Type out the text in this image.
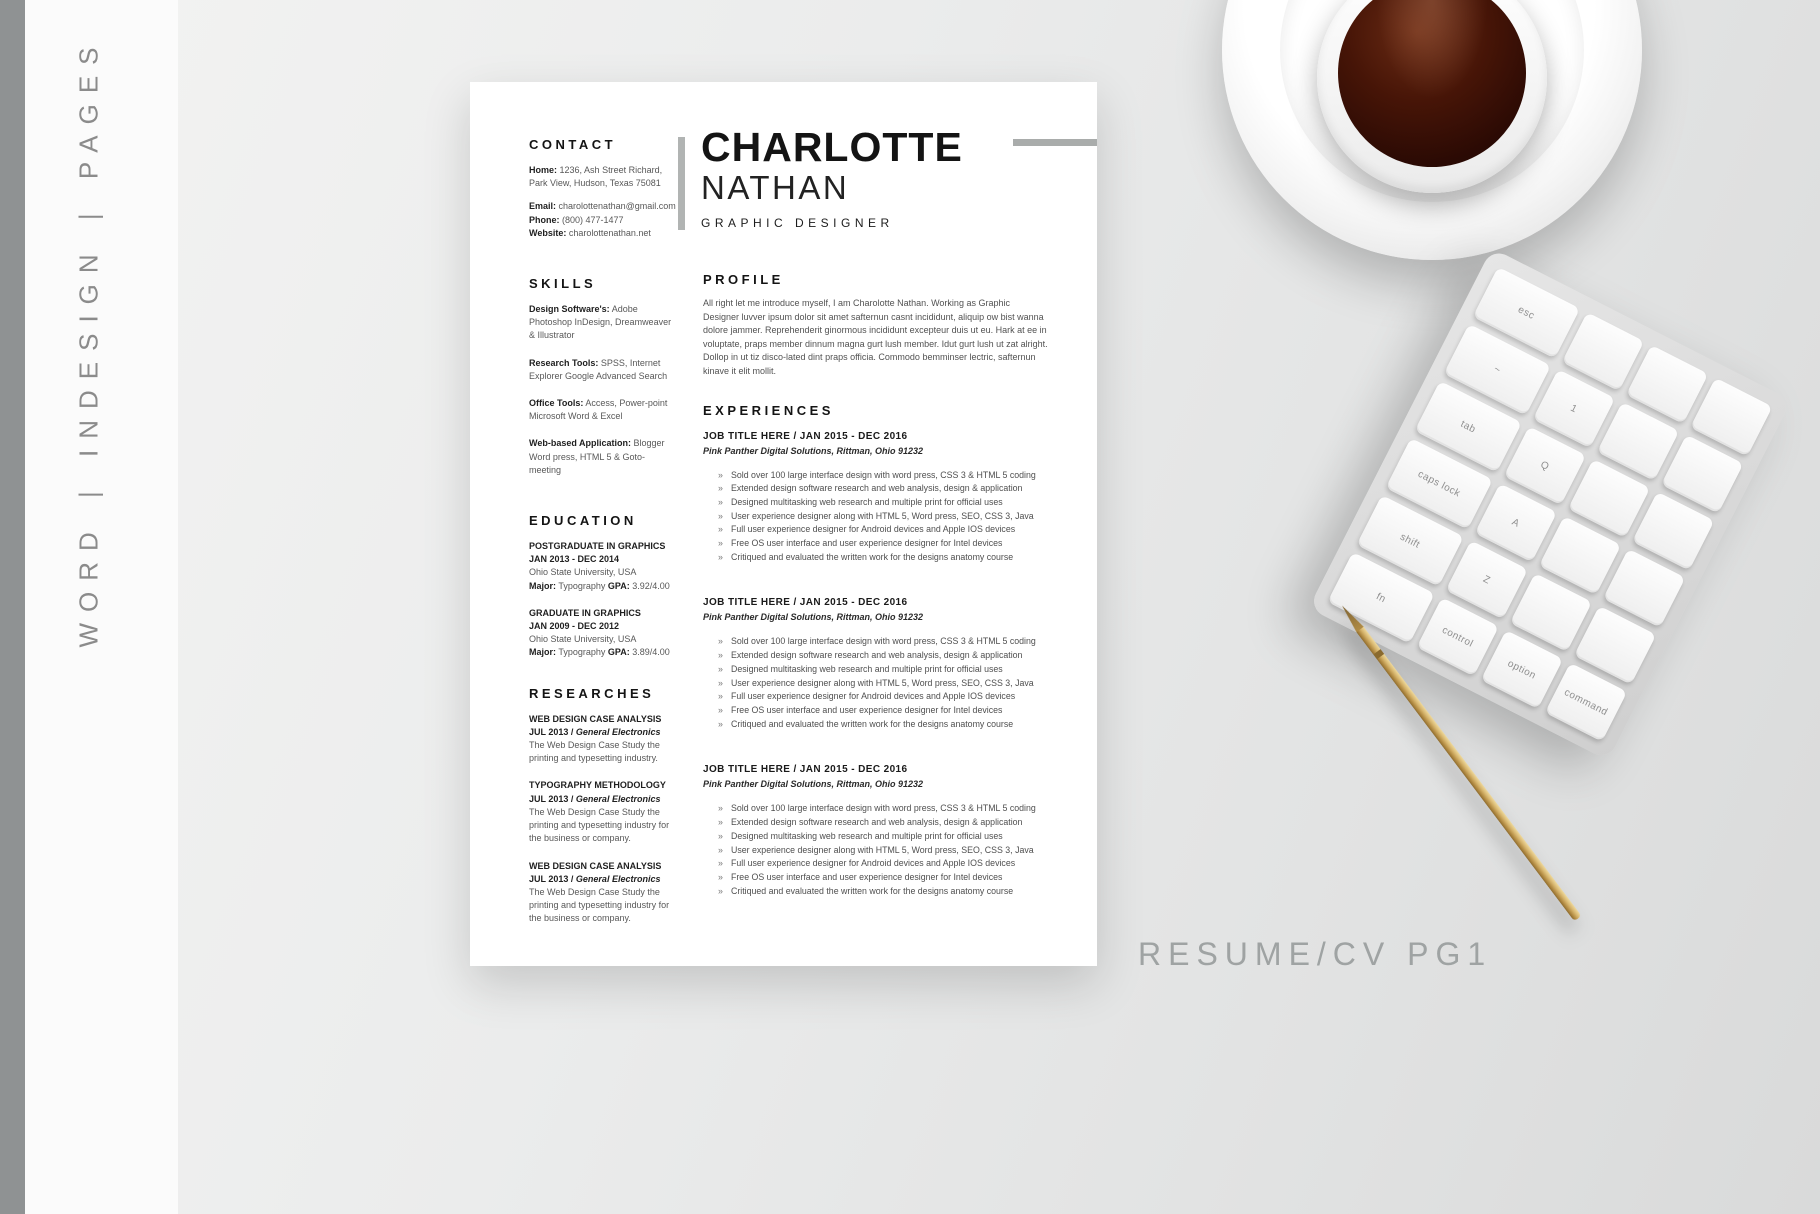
WORD | INDESIGN | PAGES	esc
~
1
tab
Q
caps lock
A
shift
Z
fn
control
option
command
RESUME/CV PG1
CHARLOTTE
NATHAN
GRAPHIC DESIGNER
CONTACT
Home: 1236, Ash Street Richard, Park View, Hudson, Texas 75081
Email: charolottenathan@gmail.com
Phone: (800) 477-1477
Website: charolottenathan.net
SKILLS
Design Software's: Adobe Photoshop InDesign, Dreamweaver & Illustrator
Research Tools: SPSS, Internet Explorer Google Advanced Search
Office Tools: Access, Power-point Microsoft Word & Excel
Web-based Application: Blogger Word press, HTML 5 & Goto-meeting
EDUCATION
POSTGRADUATE IN GRAPHICS
JAN 2013 - DEC 2014
Ohio State University, USA
Major: Typography GPA: 3.92/4.00
GRADUATE IN GRAPHICS
JAN 2009 - DEC 2012
Ohio State University, USA
Major: Typography GPA: 3.89/4.00
RESEARCHES
WEB DESIGN CASE ANALYSIS
JUL 2013 / General Electronics
The Web Design Case Study the printing and typesetting industry.
TYPOGRAPHY METHODOLOGY
JUL 2013 / General Electronics
The Web Design Case Study the printing and typesetting industry for the business or company.
WEB DESIGN CASE ANALYSIS
JUL 2013 / General Electronics
The Web Design Case Study the printing and typesetting industry for the business or company.
PROFILE
All right let me introduce myself, I am Charolotte Nathan. Working as Graphic Designer luvver ipsum dolor sit amet safternun casnt incididunt, aliquip ow bist wanna dolore jammer. Reprehenderit ginormous incididunt excepteur duis ut eu. Hark at ee in voluptate, praps member dinnum magna gurt lush member. Idut gurt lush ut zat alright. Dollop in ut tiz disco-lated dint praps officia. Commodo bemminser lectric, safternun kinave it elit mollit.
EXPERIENCES
JOB TITLE HERE / JAN 2015 - DEC 2016
Pink Panther Digital Solutions, Rittman, Ohio 91232
» Sold over 100 large interface design with word press, CSS 3 & HTML 5 coding
» Extended design software research and web analysis, design & application
» Designed multitasking web research and multiple print for official uses
» User experience designer along with HTML 5, Word press, SEO, CSS 3, Java
» Full user experience designer for Android devices and Apple IOS devices
» Free OS user interface and user experience designer for Intel devices
» Critiqued and evaluated the written work for the designs anatomy course
JOB TITLE HERE / JAN 2015 - DEC 2016
Pink Panther Digital Solutions, Rittman, Ohio 91232
» Sold over 100 large interface design with word press, CSS 3 & HTML 5 coding
» Extended design software research and web analysis, design & application
» Designed multitasking web research and multiple print for official uses
» User experience designer along with HTML 5, Word press, SEO, CSS 3, Java
» Full user experience designer for Android devices and Apple IOS devices
» Free OS user interface and user experience designer for Intel devices
» Critiqued and evaluated the written work for the designs anatomy course
JOB TITLE HERE / JAN 2015 - DEC 2016
Pink Panther Digital Solutions, Rittman, Ohio 91232
» Sold over 100 large interface design with word press, CSS 3 & HTML 5 coding
» Extended design software research and web analysis, design & application
» Designed multitasking web research and multiple print for official uses
» User experience designer along with HTML 5, Word press, SEO, CSS 3, Java
» Full user experience designer for Android devices and Apple IOS devices
» Free OS user interface and user experience designer for Intel devices
» Critiqued and evaluated the written work for the designs anatomy course
